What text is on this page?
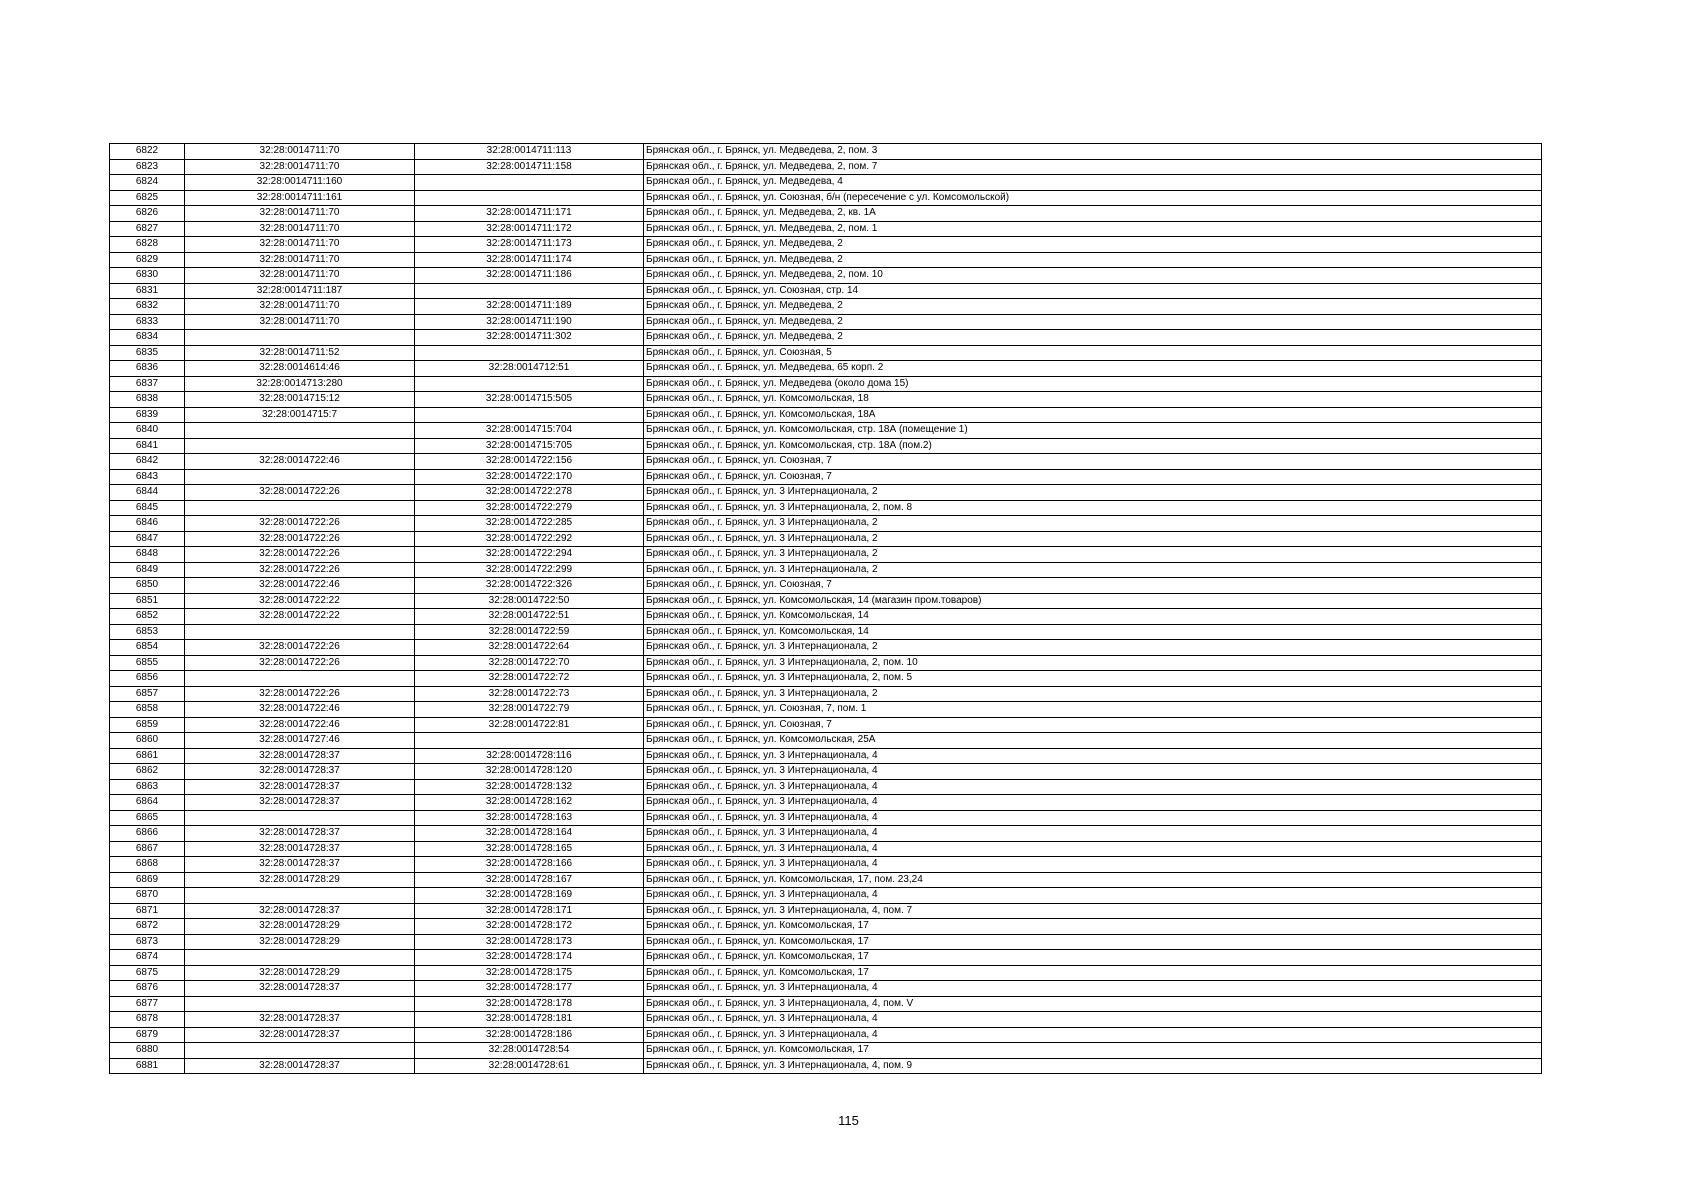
6822	32:28:0014711:70	32:28:0014711:113	Брянская обл., г. Брянск, ул. Медведева, 2, пом. 3
6823	32:28:0014711:70	32:28:0014711:158	Брянская обл., г. Брянск, ул. Медведева, 2, пом. 7
6824	32:28:0014711:160		Брянская обл., г. Брянск, ул. Медведева, 4
6825	32:28:0014711:161		Брянская обл., г. Брянск, ул. Союзная, б/н (пересечение с ул. Комсомольской)
6826	32:28:0014711:70	32:28:0014711:171	Брянская обл., г. Брянск, ул. Медведева, 2, кв. 1А
6827	32:28:0014711:70	32:28:0014711:172	Брянская обл., г. Брянск, ул. Медведева, 2, пом. 1
6828	32:28:0014711:70	32:28:0014711:173	Брянская обл., г. Брянск, ул. Медведева, 2
6829	32:28:0014711:70	32:28:0014711:174	Брянская обл., г. Брянск, ул. Медведева, 2
6830	32:28:0014711:70	32:28:0014711:186	Брянская обл., г. Брянск, ул. Медведева, 2, пом. 10
6831	32:28:0014711:187		Брянская обл., г. Брянск, ул. Союзная, стр. 14
6832	32:28:0014711:70	32:28:0014711:189	Брянская обл., г. Брянск, ул. Медведева, 2
6833	32:28:0014711:70	32:28:0014711:190	Брянская обл., г. Брянск, ул. Медведева, 2
6834		32:28:0014711:302	Брянская обл., г. Брянск, ул. Медведева, 2
6835	32:28:0014711:52		Брянская обл., г. Брянск, ул. Союзная, 5
6836	32:28:0014614:46	32:28:0014712:51	Брянская обл., г. Брянск, ул. Медведева, 65 корп. 2
6837	32:28:0014713:280		Брянская обл., г. Брянск, ул. Медведева (около дома 15)
6838	32:28:0014715:12	32:28:0014715:505	Брянская обл., г. Брянск, ул. Комсомольская, 18
6839	32:28:0014715:7		Брянская обл., г. Брянск, ул. Комсомольская, 18А
6840		32:28:0014715:704	Брянская обл., г. Брянск, ул. Комсомольская, стр. 18А (помещение 1)
6841		32:28:0014715:705	Брянская обл., г. Брянск, ул. Комсомольская, стр. 18А (пом.2)
6842	32:28:0014722:46	32:28:0014722:156	Брянская обл., г. Брянск, ул. Союзная, 7
6843		32:28:0014722:170	Брянская обл., г. Брянск, ул. Союзная, 7
6844	32:28:0014722:26	32:28:0014722:278	Брянская обл., г. Брянск, ул. 3 Интернационала, 2
6845		32:28:0014722:279	Брянская обл., г. Брянск, ул. 3 Интернационала, 2, пом. 8
6846	32:28:0014722:26	32:28:0014722:285	Брянская обл., г. Брянск, ул. 3 Интернационала, 2
6847	32:28:0014722:26	32:28:0014722:292	Брянская обл., г. Брянск, ул. 3 Интернационала, 2
6848	32:28:0014722:26	32:28:0014722:294	Брянская обл., г. Брянск, ул. 3 Интернационала, 2
6849	32:28:0014722:26	32:28:0014722:299	Брянская обл., г. Брянск, ул. 3 Интернационала, 2
6850	32:28:0014722:46	32:28:0014722:326	Брянская обл., г. Брянск, ул. Союзная, 7
6851	32:28:0014722:22	32:28:0014722:50	Брянская обл., г. Брянск, ул. Комсомольская, 14 (магазин пром.товаров)
6852	32:28:0014722:22	32:28:0014722:51	Брянская обл., г. Брянск, ул. Комсомольская, 14
6853		32:28:0014722:59	Брянская обл., г. Брянск, ул. Комсомольская, 14
6854	32:28:0014722:26	32:28:0014722:64	Брянская обл., г. Брянск, ул. 3 Интернационала, 2
6855	32:28:0014722:26	32:28:0014722:70	Брянская обл., г. Брянск, ул. 3 Интернационала, 2, пом. 10
6856		32:28:0014722:72	Брянская обл., г. Брянск, ул. 3 Интернационала, 2, пом. 5
6857	32:28:0014722:26	32:28:0014722:73	Брянская обл., г. Брянск, ул. 3 Интернационала, 2
6858	32:28:0014722:46	32:28:0014722:79	Брянская обл., г. Брянск, ул. Союзная, 7, пом. 1
6859	32:28:0014722:46	32:28:0014722:81	Брянская обл., г. Брянск, ул. Союзная, 7
6860	32:28:0014727:46		Брянская обл., г. Брянск, ул. Комсомольская, 25А
6861	32:28:0014728:37	32:28:0014728:116	Брянская обл., г. Брянск, ул. 3 Интернационала, 4
6862	32:28:0014728:37	32:28:0014728:120	Брянская обл., г. Брянск, ул. 3 Интернационала, 4
6863	32:28:0014728:37	32:28:0014728:132	Брянская обл., г. Брянск, ул. 3 Интернационала, 4
6864	32:28:0014728:37	32:28:0014728:162	Брянская обл., г. Брянск, ул. 3 Интернационала, 4
6865		32:28:0014728:163	Брянская обл., г. Брянск, ул. 3 Интернационала, 4
6866	32:28:0014728:37	32:28:0014728:164	Брянская обл., г. Брянск, ул. 3 Интернационала, 4
6867	32:28:0014728:37	32:28:0014728:165	Брянская обл., г. Брянск, ул. 3 Интернационала, 4
6868	32:28:0014728:37	32:28:0014728:166	Брянская обл., г. Брянск, ул. 3 Интернационала, 4
6869	32:28:0014728:29	32:28:0014728:167	Брянская обл., г. Брянск, ул. Комсомольская, 17, пом. 23,24
6870		32:28:0014728:169	Брянская обл., г. Брянск, ул. 3 Интернационала, 4
6871	32:28:0014728:37	32:28:0014728:171	Брянская обл., г. Брянск, ул. 3 Интернационала, 4, пом. 7
6872	32:28:0014728:29	32:28:0014728:172	Брянская обл., г. Брянск, ул. Комсомольская, 17
6873	32:28:0014728:29	32:28:0014728:173	Брянская обл., г. Брянск, ул. Комсомольская, 17
6874		32:28:0014728:174	Брянская обл., г. Брянск, ул. Комсомольская, 17
6875	32:28:0014728:29	32:28:0014728:175	Брянская обл., г. Брянск, ул. Комсомольская, 17
6876	32:28:0014728:37	32:28:0014728:177	Брянская обл., г. Брянск, ул. 3 Интернационала, 4
6877		32:28:0014728:178	Брянская обл., г. Брянск, ул. 3 Интернационала, 4, пом. V
6878	32:28:0014728:37	32:28:0014728:181	Брянская обл., г. Брянск, ул. 3 Интернационала, 4
6879	32:28:0014728:37	32:28:0014728:186	Брянская обл., г. Брянск, ул. 3 Интернационала, 4
6880		32:28:0014728:54	Брянская обл., г. Брянск, ул. Комсомольская, 17
6881	32:28:0014728:37	32:28:0014728:61	Брянская обл., г. Брянск, ул. 3 Интернационала, 4, пом. 9
115
